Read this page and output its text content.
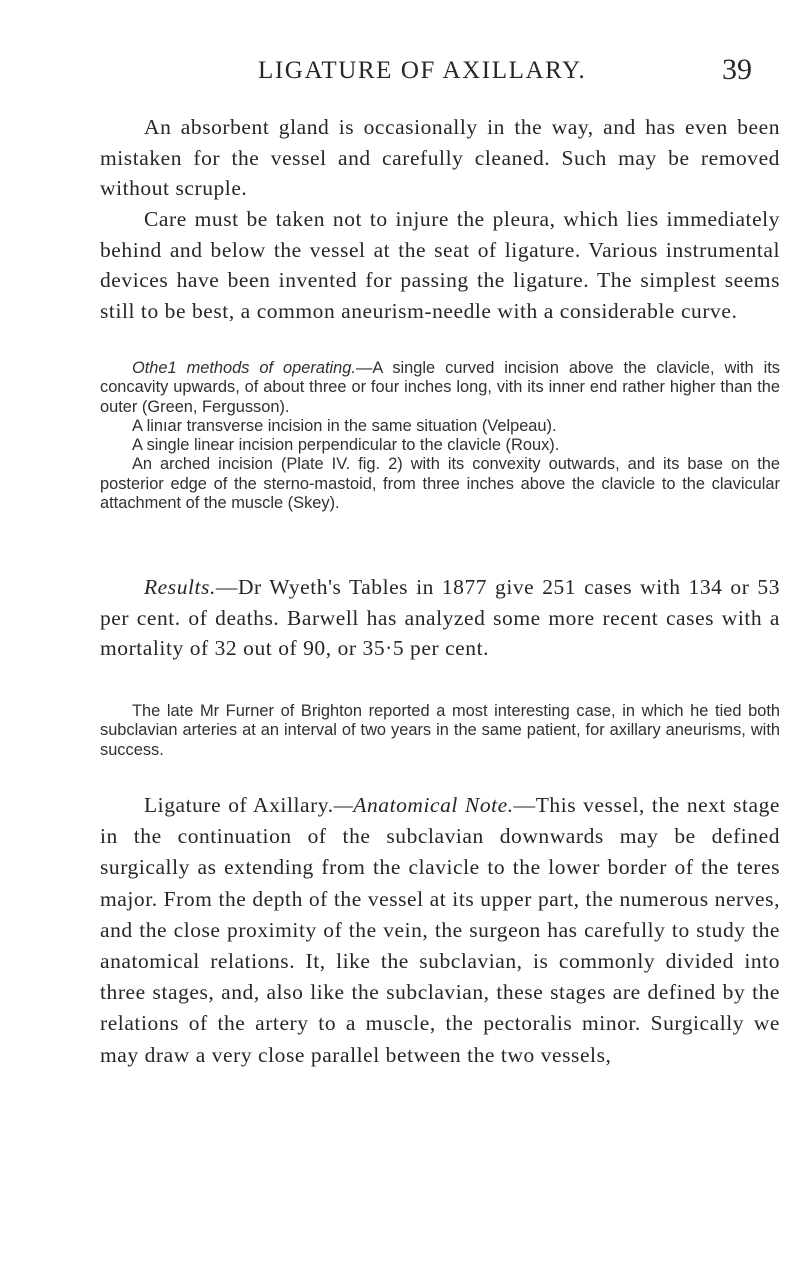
LIGATURE OF AXILLARY.	39

An absorbent gland is occasionally in the way, and has even been mistaken for the vessel and carefully cleaned. Such may be removed without scruple.

Care must be taken not to injure the pleura, which lies immediately behind and below the vessel at the seat of ligature. Various instrumental devices have been invented for passing the ligature. The simplest seems still to be best, a common aneurism-needle with a considerable curve.

Othe1 methods of operating.—A single curved incision above the clavicle, with its concavity upwards, of about three or four inches long, vith its inner end rather higher than the outer (Green, Fergusson).

A linıar transverse incision in the same situation (Velpeau).

A single linear incision perpendicular to the clavicle (Roux).

An arched incision (Plate IV. fig. 2) with its convexity outwards, and its base on the posterior edge of the sterno-mastoid, from three inches above the clavicle to the clavicular attachment of the muscle (Skey).

Results.—Dr Wyeth's Tables in 1877 give 251 cases with 134 or 53 per cent. of deaths. Barwell has analyzed some more recent cases with a mortality of 32 out of 90, or 35·5 per cent.

The late Mr Furner of Brighton reported a most interesting case, in which he tied both subclavian arteries at an interval of two years in the same patient, for axillary aneurisms, with success.

Ligature of Axillary.—Anatomical Note.—This vessel, the next stage in the continuation of the subclavian downwards may be defined surgically as extending from the clavicle to the lower border of the teres major. From the depth of the vessel at its upper part, the numerous nerves, and the close proximity of the vein, the surgeon has carefully to study the anatomical relations. It, like the subclavian, is commonly divided into three stages, and, also like the subclavian, these stages are defined by the relations of the artery to a muscle, the pectoralis minor. Surgically we may draw a very close parallel between the two vessels,
